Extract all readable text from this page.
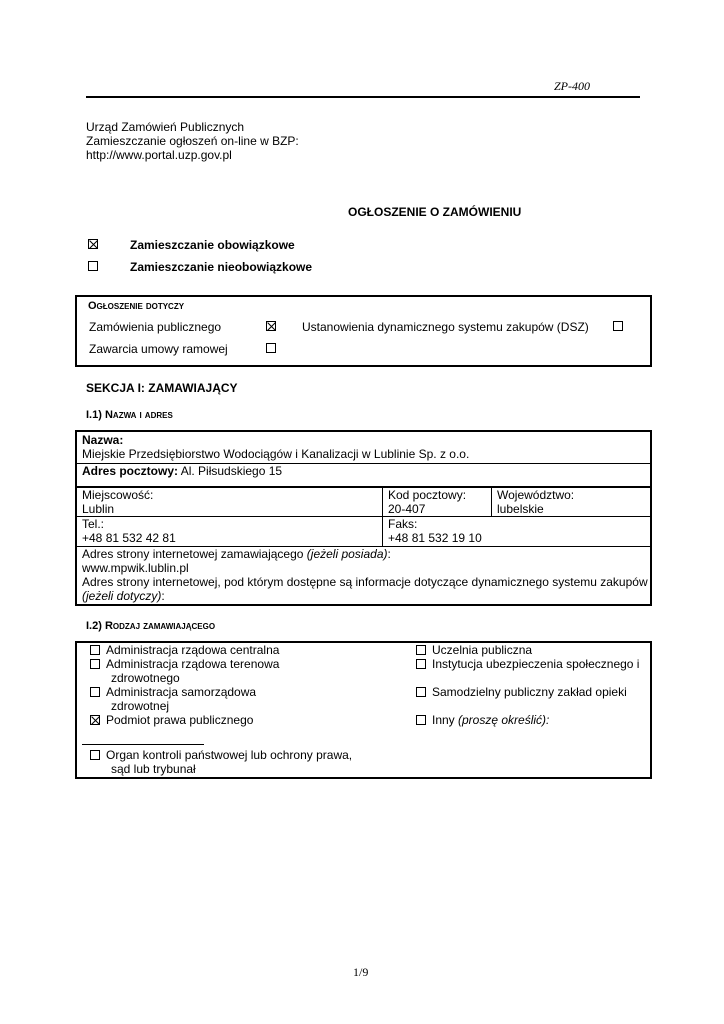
ZP-400
Urząd Zamówień Publicznych
Zamieszczanie ogłoszeń on-line w BZP:
http://www.portal.uzp.gov.pl
OGŁOSZENIE O ZAMÓWIENIU
Zamieszczanie obowiązkowe
Zamieszczanie nieobowiązkowe
Ogłoszenie dotyczy
Zamówienia publicznego	Ustanowienia dynamicznego systemu zakupów (DSZ)
Zawarcia umowy ramowej
SEKCJA I: ZAMAWIAJĄCY
I.1) Nazwa i adres
Nazwa:
Miejskie Przedsiębiorstwo Wodociągów i Kanalizacji w Lublinie Sp. z o.o.
Adres pocztowy: Al. Piłsudskiego 15
Miejscowość:
Lublin
Kod pocztowy:
20-407
Województwo:
lubelskie
Tel.:
+48 81 532 42 81
Faks:
+48 81 532 19 10
Adres strony internetowej zamawiającego (jeżeli posiada):
www.mpwik.lublin.pl
Adres strony internetowej, pod którym dostępne są informacje dotyczące dynamicznego systemu zakupów
(jeżeli dotyczy):
I.2) Rodzaj zamawiającego
Administracja rządowa centralna
Administracja rządowa terenowa
zdrowotnego
Administracja samorządowa
zdrowotnej
Podmiot prawa publicznego
Organ kontroli państwowej lub ochrony prawa,
sąd lub trybunał
Uczelnia publiczna
Instytucja ubezpieczenia społecznego i
Samodzielny publiczny zakład opieki
Inny (proszę określić):
1/9
